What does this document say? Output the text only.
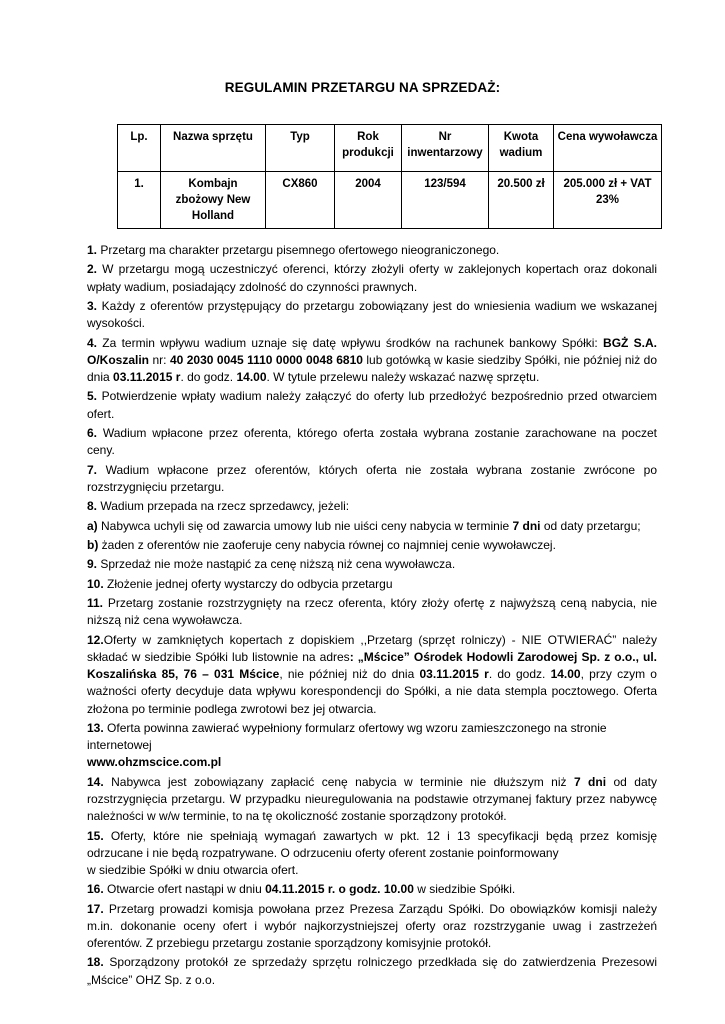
REGULAMIN PRZETARGU NA SPRZEDAŻ:
Lp.	Nazwa sprzętu	Typ	Rok produkcji	Nr inwentarzowy	Kwota wadium	Cena wywoławcza
1.	Kombajn zbożowy New Holland	CX860	2004	123/594	20.500 zł	205.000 zł + VAT 23%

1. Przetarg ma charakter przetargu pisemnego ofertowego nieograniczonego.

2. W przetargu mogą uczestniczyć oferenci, którzy złożyli oferty w zaklejonych kopertach oraz dokonali wpłaty wadium, posiadający zdolność do czynności prawnych.

3. Każdy z oferentów przystępujący do przetargu zobowiązany jest do wniesienia wadium we wskazanej wysokości.

4. Za termin wpływu wadium uznaje się datę wpływu środków na rachunek bankowy Spółki: BGŻ S.A. O/Koszalin nr: 40 2030 0045 1110 0000 0048 6810 lub gotówką w kasie siedziby Spółki, nie później niż do dnia 03.11.2015 r. do godz. 14.00. W tytule przelewu należy wskazać nazwę sprzętu.

5. Potwierdzenie wpłaty wadium należy załączyć do oferty lub przedłożyć bezpośrednio przed otwarciem ofert.

6. Wadium wpłacone przez oferenta, którego oferta została wybrana zostanie zarachowane na poczet ceny.

7. Wadium wpłacone przez oferentów, których oferta nie została wybrana zostanie zwrócone po rozstrzygnięciu przetargu.

8. Wadium przepada na rzecz sprzedawcy, jeżeli:

a) Nabywca uchyli się od zawarcia umowy lub nie uiści ceny nabycia w terminie 7 dni od daty przetargu;

b) żaden z oferentów nie zaoferuje ceny nabycia równej co najmniej cenie wywoławczej.

9. Sprzedaż nie może nastąpić za cenę niższą niż cena wywoławcza.

10. Złożenie jednej oferty wystarczy do odbycia przetargu

11. Przetarg zostanie rozstrzygnięty na rzecz oferenta, który złoży ofertę z najwyższą ceną nabycia, nie niższą niż cena wywoławcza.

12.Oferty w zamkniętych kopertach z dopiskiem ,,Przetarg (sprzęt rolniczy) - NIE OTWIERAĆ” należy składać w siedzibie Spółki lub listownie na adres: „Mścice” Ośrodek Hodowli Zarodowej Sp. z o.o., ul. Koszalińska 85, 76 – 031 Mścice, nie później niż do dnia 03.11.2015 r. do godz. 14.00, przy czym o ważności oferty decyduje data wpływu korespondencji do Spółki, a nie data stempla pocztowego. Oferta złożona po terminie podlega zwrotowi bez jej otwarcia.

13. Oferta powinna zawierać wypełniony formularz ofertowy wg wzoru zamieszczonego na stronie internetowej
www.ohzmscice.com.pl

14. Nabywca jest zobowiązany zapłacić cenę nabycia w terminie nie dłuższym niż 7 dni od daty rozstrzygnięcia przetargu. W przypadku nieuregulowania na podstawie otrzymanej faktury przez nabywcę należności w w/w terminie, to na tę okoliczność zostanie sporządzony protokół.

15. Oferty, które nie spełniają wymagań zawartych w pkt. 12 i 13 specyfikacji będą przez komisję odrzucane i nie będą rozpatrywane. O odrzuceniu oferty oferent zostanie poinformowany
w siedzibie Spółki w dniu otwarcia ofert.

16. Otwarcie ofert nastąpi w dniu 04.11.2015 r. o godz. 10.00 w siedzibie Spółki.

17. Przetarg prowadzi komisja powołana przez Prezesa Zarządu Spółki. Do obowiązków komisji należy m.in. dokonanie oceny ofert i wybór najkorzystniejszej oferty oraz rozstrzyganie uwag i zastrzeżeń oferentów. Z przebiegu przetargu zostanie sporządzony komisyjnie protokół.

18. Sporządzony protokół ze sprzedaży sprzętu rolniczego przedkłada się do zatwierdzenia Prezesowi „Mścice” OHZ Sp. z o.o.
